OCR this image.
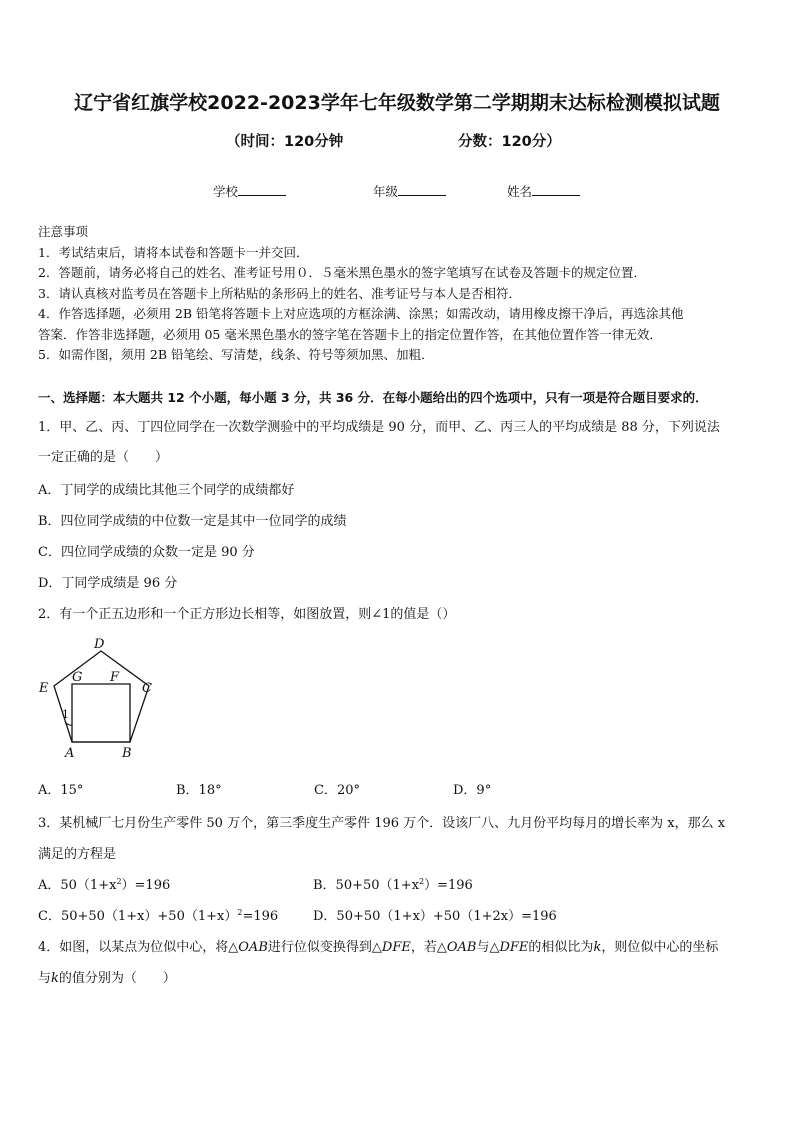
辽宁省红旗学校2022-2023学年七年级数学第二学期期末达标检测模拟试题
（时间：120分钟	分数：120分）
学校	年级	姓名
注意事项
1．考试结束后，请将本试卷和答题卡一并交回．
2．答题前，请务必将自己的姓名、准考证号用０．５毫米黑色墨水的签字笔填写在试卷及答题卡的规定位置．
3．请认真核对监考员在答题卡上所粘贴的条形码上的姓名、准考证号与本人是否相符．
4．作答选择题，必须用 2B 铅笔将答题卡上对应选项的方框涂满、涂黑；如需改动，请用橡皮擦干净后，再选涂其他
答案．作答非选择题，必须用 05 毫米黑色墨水的签字笔在答题卡上的指定位置作答，在其他位置作答一律无效．
5．如需作图，须用 2B 铅笔绘、写清楚，线条、符号等须加黑、加粗．
一、选择题：本大题共 12 个小题，每小题 3 分，共 36 分．在每小题给出的四个选项中，只有一项是符合题目要求的．
1．甲、乙、丙、丁四位同学在一次数学测验中的平均成绩是 90 分，而甲、乙、丙三人的平均成绩是 88 分，下列说法
一定正确的是（　　）
A．丁同学的成绩比其他三个同学的成绩都好
B．四位同学成绩的中位数一定是其中一位同学的成绩
C．四位同学成绩的众数一定是 90 分
D．丁同学成绩是 96 分
2．有一个正五边形和一个正方形边长相等，如图放置，则∠1的值是（）
D
E
G F
C
1
A	B
A．15°	B．18°	C．20°	D．9°
3．某机械厂七月份生产零件 50 万个，第三季度生产零件 196 万个．设该厂八、九月份平均每月的增长率为 x，那么 x
满足的方程是
A．$50(1+x^2)=196$	B．$50+50(1+x^2)=196$
C．$50+50(1+x)+50(1+x)^2=196$	D．50+50（1+x）+50（1+2x）=196
4．如图，以某点为位似中心，将△OAB进行位似变换得到△DFE，若△OAB与△DFE的相似比为k，则位似中心的坐标
与k的值分别为（　　）
